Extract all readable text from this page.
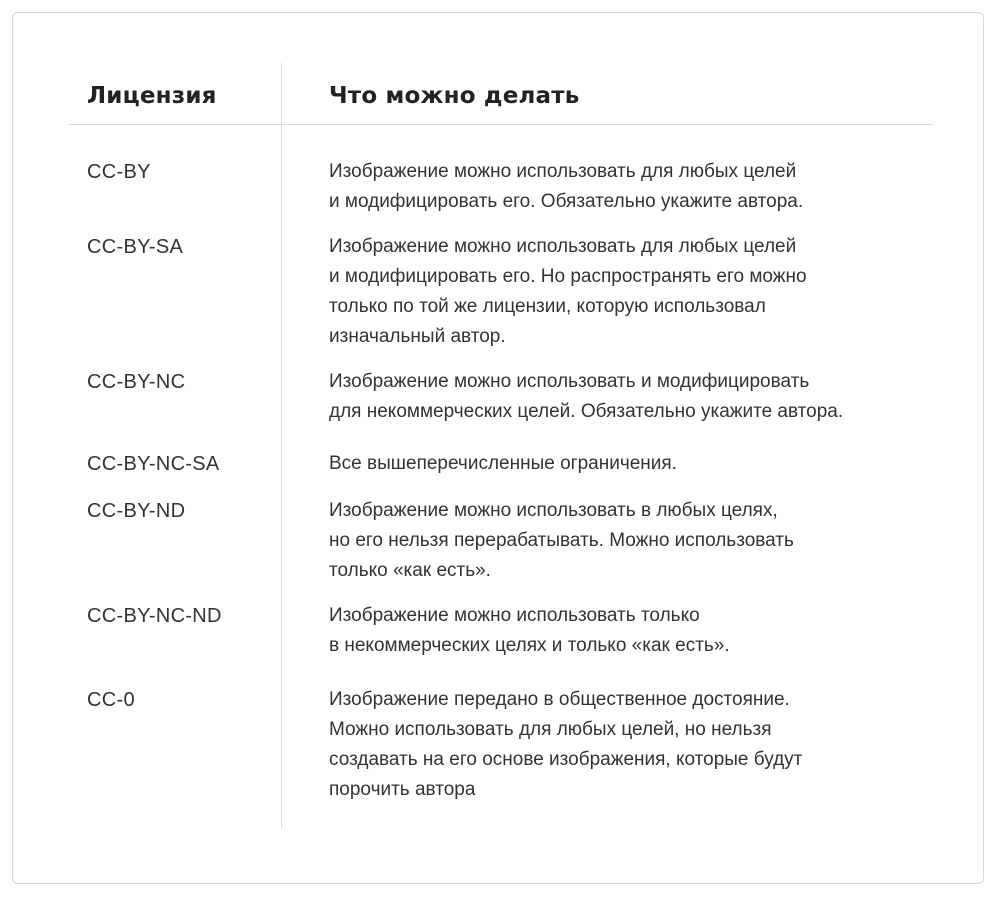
Лицензия	Что можно делать
CC-BY	Изображение можно использовать для любых целей
и модифицировать его. Обязательно укажите автора.

CC-BY-SA	Изображение можно использовать для любых целей
и модифицировать его. Но распространять его можно
только по той же лицензии, которую использовал
изначальный автор.

CC-BY-NC	Изображение можно использовать и модифицировать
для некоммерческих целей. Обязательно укажите автора.

CC-BY-NC-SA	Все вышеперечисленные ограничения.

CC-BY-ND	Изображение можно использовать в любых целях,
но его нельзя перерабатывать. Можно использовать
только «как есть».

CC-BY-NC-ND	Изображение можно использовать только
в некоммерческих целях и только «как есть».

CC-0	Изображение передано в общественное достояние.
Можно использовать для любых целей, но нельзя
создавать на его основе изображения, которые будут
порочить автора
